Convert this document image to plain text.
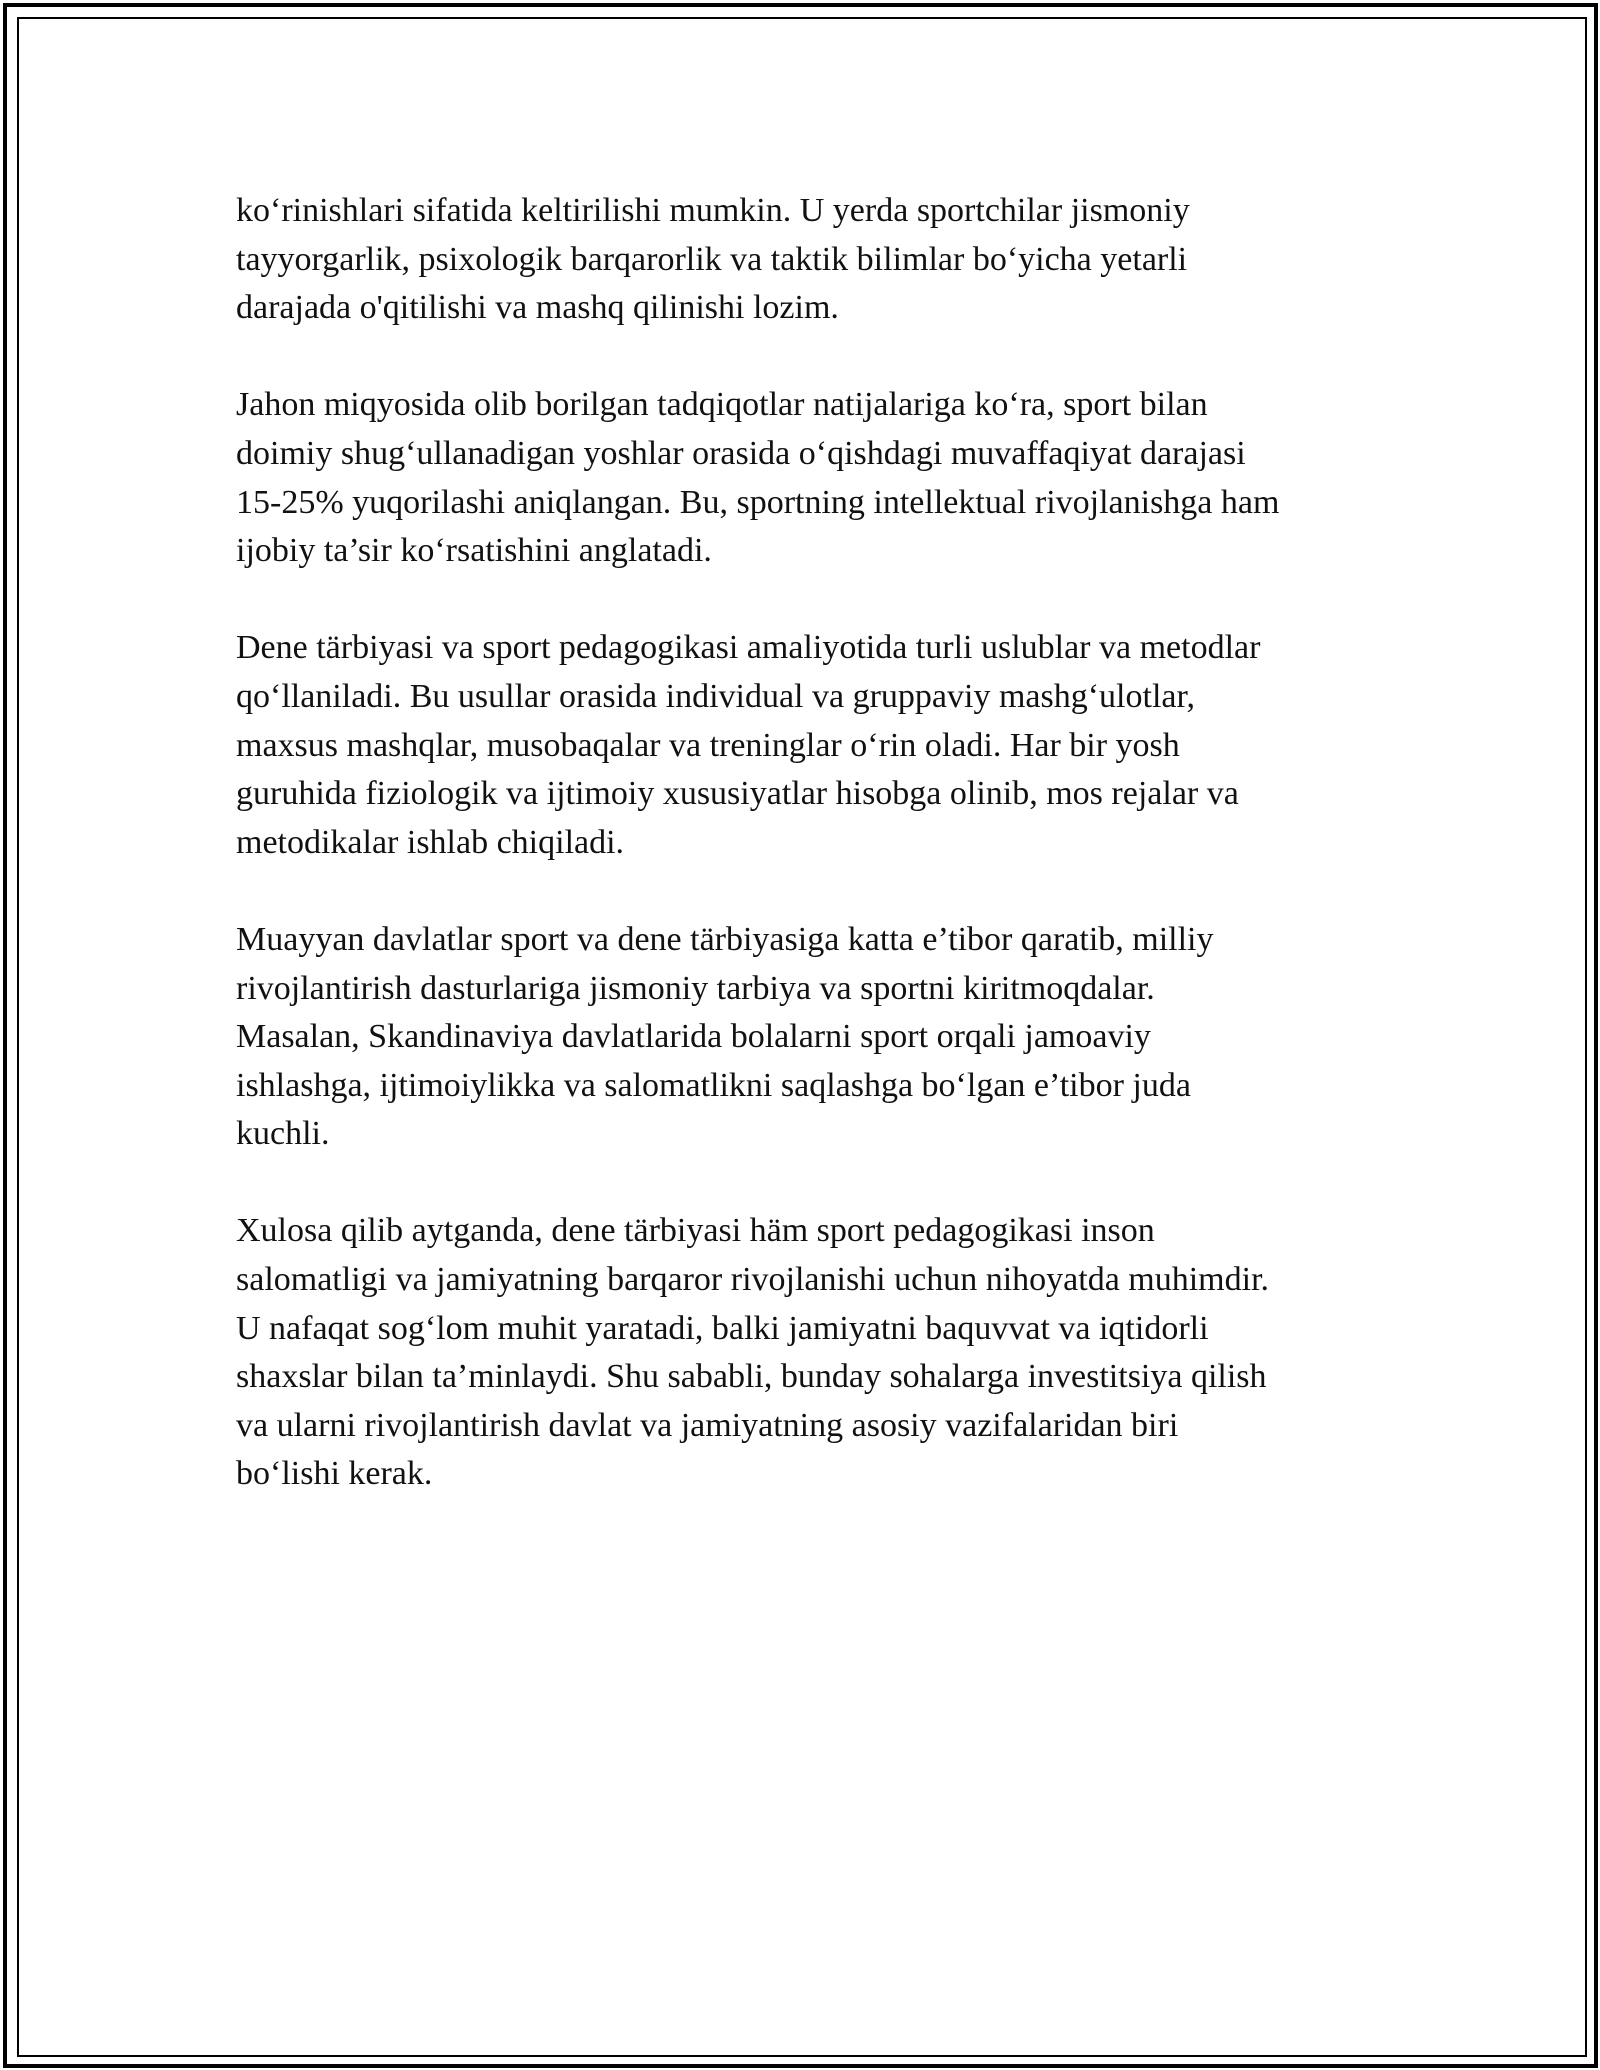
ko‘rinishlari sifatida keltirilishi mumkin. U yerda sportchilar jismoniy
tayyorgarlik, psixologik barqarorlik va taktik bilimlar bo‘yicha yetarli
darajada o'qitilishi va mashq qilinishi lozim.

Jahon miqyosida olib borilgan tadqiqotlar natijalariga ko‘ra, sport bilan
doimiy shug‘ullanadigan yoshlar orasida o‘qishdagi muvaffaqiyat darajasi
15-25% yuqorilashi aniqlangan. Bu, sportning intellektual rivojlanishga ham
ijobiy ta’sir ko‘rsatishini anglatadi.

Dene tärbiyasi va sport pedagogikasi amaliyotida turli uslublar va metodlar
qo‘llaniladi. Bu usullar orasida individual va gruppaviy mashg‘ulotlar,
maxsus mashqlar, musobaqalar va treninglar o‘rin oladi. Har bir yosh
guruhida fiziologik va ijtimoiy xususiyatlar hisobga olinib, mos rejalar va
metodikalar ishlab chiqiladi.

Muayyan davlatlar sport va dene tärbiyasiga katta e’tibor qaratib, milliy
rivojlantirish dasturlariga jismoniy tarbiya va sportni kiritmoqdalar.
Masalan, Skandinaviya davlatlarida bolalarni sport orqali jamoaviy
ishlashga, ijtimoiylikka va salomatlikni saqlashga bo‘lgan e’tibor juda
kuchli.

Xulosa qilib aytganda, dene tärbiyasi häm sport pedagogikasi inson
salomatligi va jamiyatning barqaror rivojlanishi uchun nihoyatda muhimdir.
U nafaqat sog‘lom muhit yaratadi, balki jamiyatni baquvvat va iqtidorli
shaxslar bilan ta’minlaydi. Shu sababli, bunday sohalarga investitsiya qilish
va ularni rivojlantirish davlat va jamiyatning asosiy vazifalaridan biri
bo‘lishi kerak.
